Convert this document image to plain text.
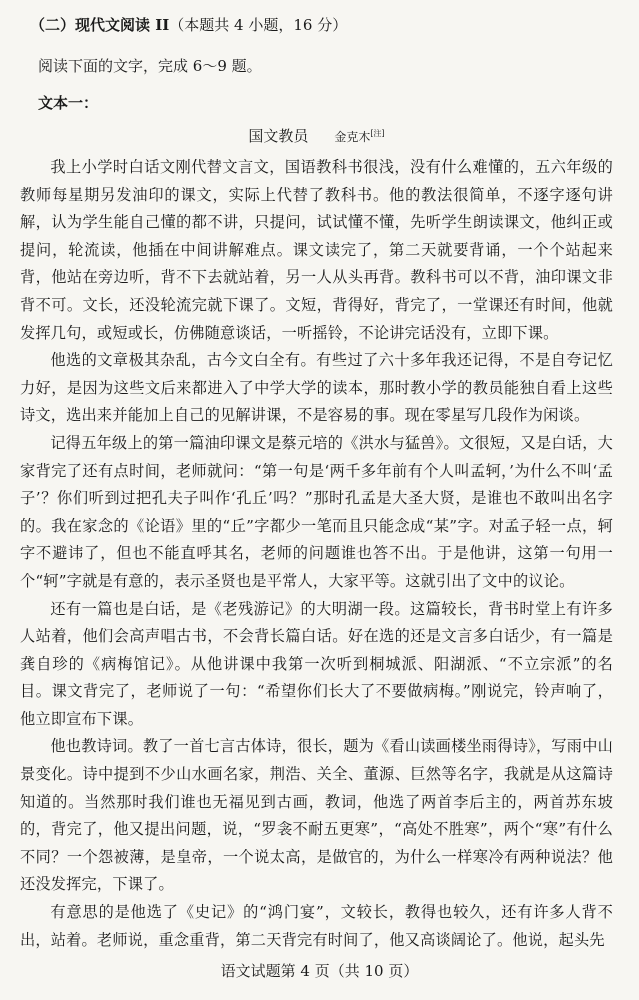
（二）现代文阅读 II（本题共 4 小题，16 分）
阅读下面的文字，完成 6～9 题。
文本一：
国文教员 金克木[注]

我上小学时白话文刚代替文言文，国语教科书很浅，没有什么难懂的，五六年级的教师每星期另发油印的课文，实际上代替了教科书。他的教法很简单，不逐字逐句讲解，认为学生能自己懂的都不讲，只提问，试试懂不懂，先听学生朗读课文，他纠正或提问，轮流读，他插在中间讲解难点。课文读完了，第二天就要背诵，一个个站起来背，他站在旁边听，背不下去就站着，另一人从头再背。教科书可以不背，油印课文非背不可。文长，还没轮流完就下课了。文短，背得好，背完了，一堂课还有时间，他就发挥几句，或短或长，仿佛随意谈话，一听摇铃，不论讲完话没有，立即下课。

他选的文章极其杂乱，古今文白全有。有些过了六十多年我还记得，不是自夸记忆力好，是因为这些文后来都进入了中学大学的读本，那时教小学的教员能独自看上这些诗文，选出来并能加上自己的见解讲课，不是容易的事。现在零星写几段作为闲谈。

记得五年级上的第一篇油印课文是蔡元培的《洪水与猛兽》。文很短，又是白话，大家背完了还有点时间，老师就问：“第一句是‘两千多年前有个人叫孟轲，’为什么不叫‘孟子’？你们听到过把孔夫子叫作‘孔丘’吗？”那时孔孟是大圣大贤，是谁也不敢叫出名字的。我在家念的《论语》里的“丘”字都少一笔而且只能念成“某”字。对孟子轻一点，轲字不避讳了，但也不能直呼其名，老师的问题谁也答不出。于是他讲，这第一句用一个“轲”字就是有意的，表示圣贤也是平常人，大家平等。这就引出了文中的议论。

还有一篇也是白话，是《老残游记》的大明湖一段。这篇较长，背书时堂上有许多人站着，他们会高声唱古书，不会背长篇白话。好在选的还是文言多白话少，有一篇是龚自珍的《病梅馆记》。从他讲课中我第一次听到桐城派、阳湖派、“不立宗派”的名目。课文背完了，老师说了一句：“希望你们长大了不要做病梅。”刚说完，铃声响了，他立即宣布下课。

他也教诗词。教了一首七言古体诗，很长，题为《看山读画楼坐雨得诗》，写雨中山景变化。诗中提到不少山水画名家，荆浩、关全、董源、巨然等名字，我就是从这篇诗知道的。当然那时我们谁也无福见到古画，教词，他选了两首李后主的，两首苏东坡的，背完了，他又提出问题，说，“罗衾不耐五更寒”，“高处不胜寒”，两个“寒”有什么不同？一个怨被薄，是皇帝，一个说太高，是做官的，为什么一样寒冷有两种说法？他还没发挥完，下课了。

有意思的是他选了《史记》的“鸿门宴”，文较长，教得也较久，还有许多人背不出，站着。老师说，重念重背，第二天背完有时间了，他又高谈阔论了。他说，起头先

语文试题第 4 页（共 10 页）
